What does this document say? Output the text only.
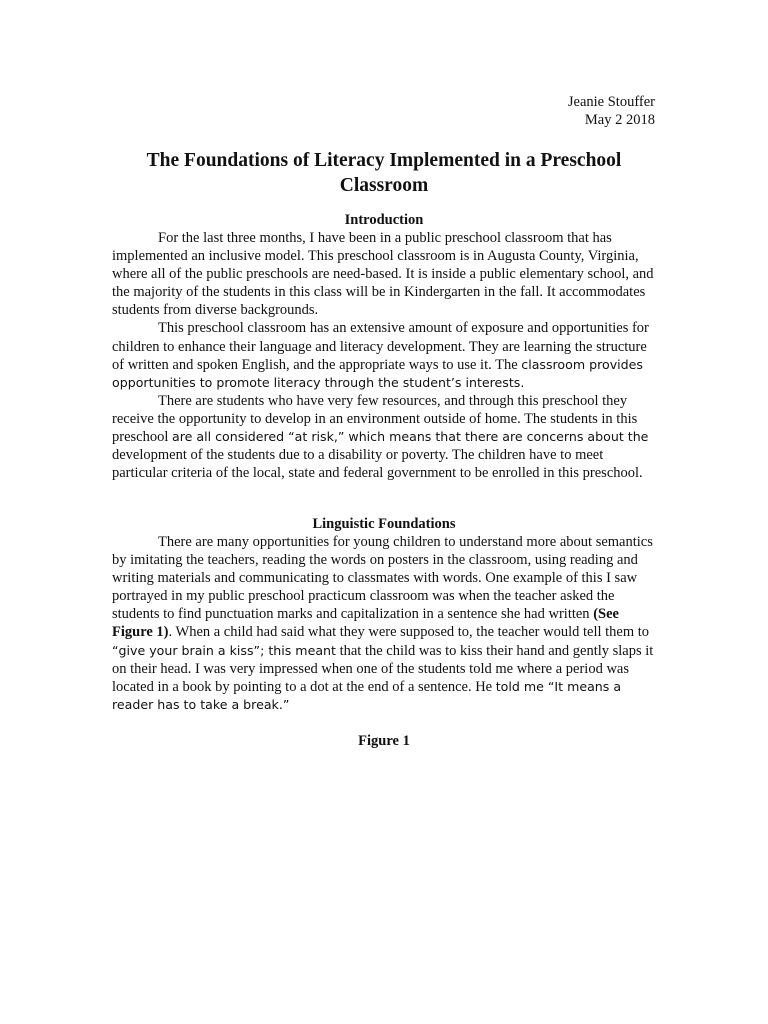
Jeanie Stouffer
May 2 2018
The Foundations of Literacy Implemented in a Preschool Classroom
Introduction

For the last three months, I have been in a public preschool classroom that has implemented an inclusive model. This preschool classroom is in Augusta County, Virginia, where all of the public preschools are need-based. It is inside a public elementary school, and the majority of the students in this class will be in Kindergarten in the fall. It accommodates students from diverse backgrounds.

This preschool classroom has an extensive amount of exposure and opportunities for children to enhance their language and literacy development. They are learning the structure of written and spoken English, and the appropriate ways to use it. The classroom provides opportunities to promote literacy through the student’s interests.

There are students who have very few resources, and through this preschool they receive the opportunity to develop in an environment outside of home. The students in this preschool are all considered “at risk,” which means that there are concerns about the development of the students due to a disability or poverty. The children have to meet particular criteria of the local, state and federal government to be enrolled in this preschool.

Linguistic Foundations

There are many opportunities for young children to understand more about semantics by imitating the teachers, reading the words on posters in the classroom, using reading and writing materials and communicating to classmates with words. One example of this I saw portrayed in my public preschool practicum classroom was when the teacher asked the students to find punctuation marks and capitalization in a sentence she had written (See Figure 1). When a child had said what they were supposed to, the teacher would tell them to “give your brain a kiss”; this meant that the child was to kiss their hand and gently slaps it on their head. I was very impressed when one of the students told me where a period was located in a book by pointing to a dot at the end of a sentence. He told me “It means a reader has to take a break.”

Figure 1
